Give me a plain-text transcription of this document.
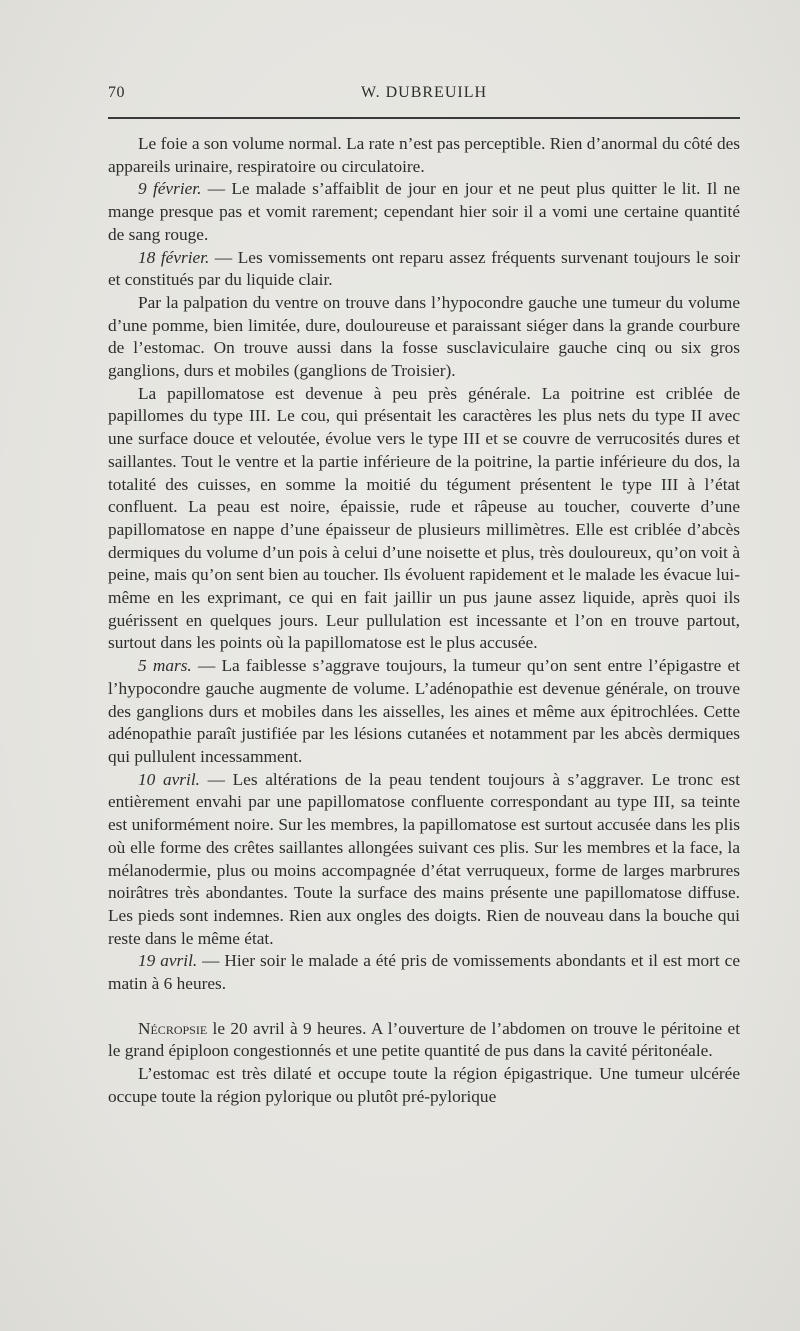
70	W. DUBREUILH

Le foie a son volume normal. La rate n’est pas perceptible. Rien d’anormal du côté des appareils urinaire, respiratoire ou circulatoire.

9 février. — Le malade s’affaiblit de jour en jour et ne peut plus quitter le lit. Il ne mange presque pas et vomit rarement; cependant hier soir il a vomi une certaine quantité de sang rouge.

18 février. — Les vomissements ont reparu assez fréquents survenant toujours le soir et constitués par du liquide clair.

Par la palpation du ventre on trouve dans l’hypocondre gauche une tumeur du volume d’une pomme, bien limitée, dure, douloureuse et paraissant siéger dans la grande courbure de l’estomac. On trouve aussi dans la fosse susclaviculaire gauche cinq ou six gros ganglions, durs et mobiles (ganglions de Troisier).

La papillomatose est devenue à peu près générale. La poitrine est criblée de papillomes du type III. Le cou, qui présentait les caractères les plus nets du type II avec une surface douce et veloutée, évolue vers le type III et se couvre de verrucosités dures et saillantes. Tout le ventre et la partie inférieure de la poitrine, la partie inférieure du dos, la totalité des cuisses, en somme la moitié du tégument présentent le type III à l’état confluent. La peau est noire, épaissie, rude et râpeuse au toucher, couverte d’une papillomatose en nappe d’une épaisseur de plusieurs millimètres. Elle est criblée d’abcès dermiques du volume d’un pois à celui d’une noisette et plus, très douloureux, qu’on voit à peine, mais qu’on sent bien au toucher. Ils évoluent rapidement et le malade les évacue lui-même en les exprimant, ce qui en fait jaillir un pus jaune assez liquide, après quoi ils guérissent en quelques jours. Leur pullulation est incessante et l’on en trouve partout, surtout dans les points où la papillomatose est le plus accusée.

5 mars. — La faiblesse s’aggrave toujours, la tumeur qu’on sent entre l’épigastre et l’hypocondre gauche augmente de volume. L’adénopathie est devenue générale, on trouve des ganglions durs et mobiles dans les aisselles, les aines et même aux épitrochlées. Cette adénopathie paraît justifiée par les lésions cutanées et notamment par les abcès dermiques qui pullulent incessamment.

10 avril. — Les altérations de la peau tendent toujours à s’aggraver. Le tronc est entièrement envahi par une papillomatose confluente correspondant au type III, sa teinte est uniformément noire. Sur les membres, la papillomatose est surtout accusée dans les plis où elle forme des crêtes saillantes allongées suivant ces plis. Sur les membres et la face, la mélanodermie, plus ou moins accompagnée d’état verruqueux, forme de larges marbrures noirâtres très abondantes. Toute la surface des mains présente une papillomatose diffuse. Les pieds sont indemnes. Rien aux ongles des doigts. Rien de nouveau dans la bouche qui reste dans le même état.

19 avril. — Hier soir le malade a été pris de vomissements abondants et il est mort ce matin à 6 heures.

Nécropsie le 20 avril à 9 heures. A l’ouverture de l’abdomen on trouve le péritoine et le grand épiploon congestionnés et une petite quantité de pus dans la cavité péritonéale.

L’estomac est très dilaté et occupe toute la région épigastrique. Une tumeur ulcérée occupe toute la région pylorique ou plutôt pré-pylorique
